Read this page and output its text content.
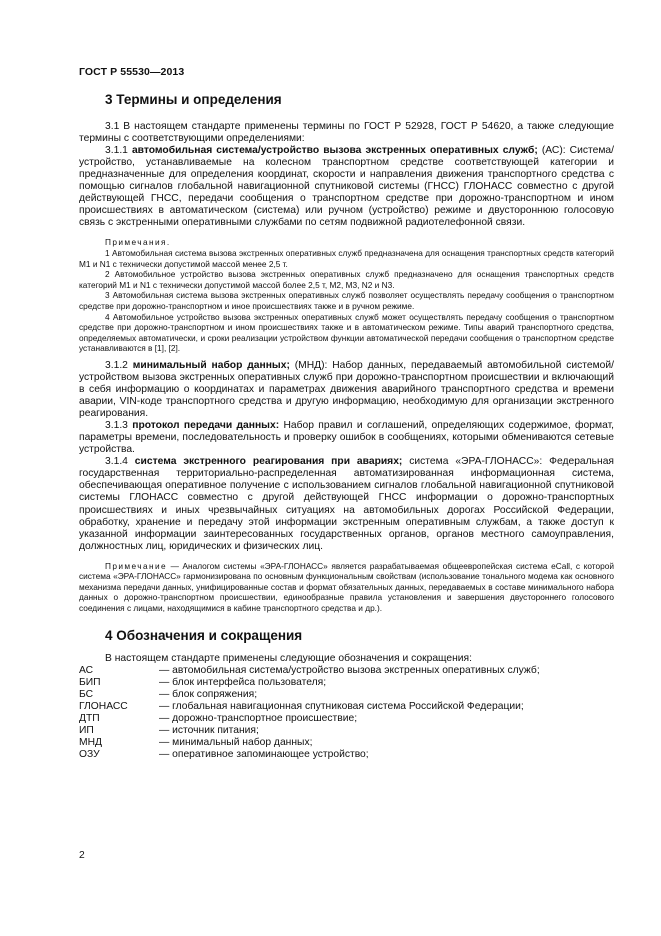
ГОСТ Р 55530—2013
3 Термины и определения

3.1 В настоящем стандарте применены термины по ГОСТ Р 52928, ГОСТ Р 54620, а также следующие термины с соответствующими определениями:

3.1.1 автомобильная система/устройство вызова экстренных оперативных служб; (АС): Система/устройство, устанавливаемые на колесном транспортном средстве соответствующей категории и предназначенные для определения координат, скорости и направления движения транспортного средства с помощью сигналов глобальной навигационной спутниковой системы (ГНСС) ГЛОНАСС совместно с другой действующей ГНСС, передачи сообщения о транспортном средстве при дорожно-транспортном и ином происшествиях в автоматическом (система) или ручном (устройство) режиме и двустороннюю голосовую связь с экстренными оперативными службами по сетям подвижной радиотелефонной связи.

Примечания.

1 Автомобильная система вызова экстренных оперативных служб предназначена для оснащения транспортных средств категорий M1 и N1 с технически допустимой массой менее 2,5 т.

2 Автомобильное устройство вызова экстренных оперативных служб предназначено для оснащения транспортных средств категорий M1 и N1 с технически допустимой массой более 2,5 т, M2, M3, N2 и N3.

3 Автомобильная система вызова экстренных оперативных служб позволяет осуществлять передачу сообщения о транспортном средстве при дорожно-транспортном и иное происшествиях также и в ручном режиме.

4 Автомобильное устройство вызова экстренных оперативных служб может осуществлять передачу сообщения о транспортном средстве при дорожно-транспортном и ином происшествиях также и в автоматическом режиме. Типы аварий транспортного средства, определяемых автоматически, и сроки реализации устройством функции автоматической передачи сообщения о транспортном средстве устанавливаются в [1], [2].

3.1.2 минимальный набор данных; (МНД): Набор данных, передаваемый автомобильной системой/устройством вызова экстренных оперативных служб при дорожно-транспортном происшествии и включающий в себя информацию о координатах и параметрах движения аварийного транспортного средства и времени аварии, VIN-коде транспортного средства и другую информацию, необходимую для организации экстренного реагирования.

3.1.3 протокол передачи данных: Набор правил и соглашений, определяющих содержимое, формат, параметры времени, последовательность и проверку ошибок в сообщениях, которыми обмениваются сетевые устройства.

3.1.4 система экстренного реагирования при авариях; система «ЭРА-ГЛОНАСС»: Федеральная государственная территориально-распределенная автоматизированная информационная система, обеспечивающая оперативное получение с использованием сигналов глобальной навигационной спутниковой системы ГЛОНАСС совместно с другой действующей ГНСС информации о дорожно-транспортных происшествиях и иных чрезвычайных ситуациях на автомобильных дорогах Российской Федерации, обработку, хранение и передачу этой информации экстренным оперативным службам, а также доступ к указанной информации заинтересованных государственных органов, органов местного самоуправления, должностных лиц, юридических и физических лиц.

Примечание — Аналогом системы «ЭРА-ГЛОНАСС» является разрабатываемая общеевропейская система eCall, с которой система «ЭРА-ГЛОНАСС» гармонизирована по основным функциональным свойствам (использование тонального модема как основного механизма передачи данных, унифицированные состав и формат обязательных данных, передаваемых в составе минимального набора данных о дорожно-транспортном происшествии, единообразные правила установления и завершения двустороннего голосового соединения с лицами, находящимися в кабине транспортного средства и др.).

4 Обозначения и сокращения

В настоящем стандарте применены следующие обозначения и сокращения:

АС	— автомобильная система/устройство вызова экстренных оперативных служб;
БИП	— блок интерфейса пользователя;
БС	— блок сопряжения;
ГЛОНАСС	— глобальная навигационная спутниковая система Российской Федерации;
ДТП	— дорожно-транспортное происшествие;
ИП	— источник питания;
МНД	— минимальный набор данных;
ОЗУ	— оперативное запоминающее устройство;
2
